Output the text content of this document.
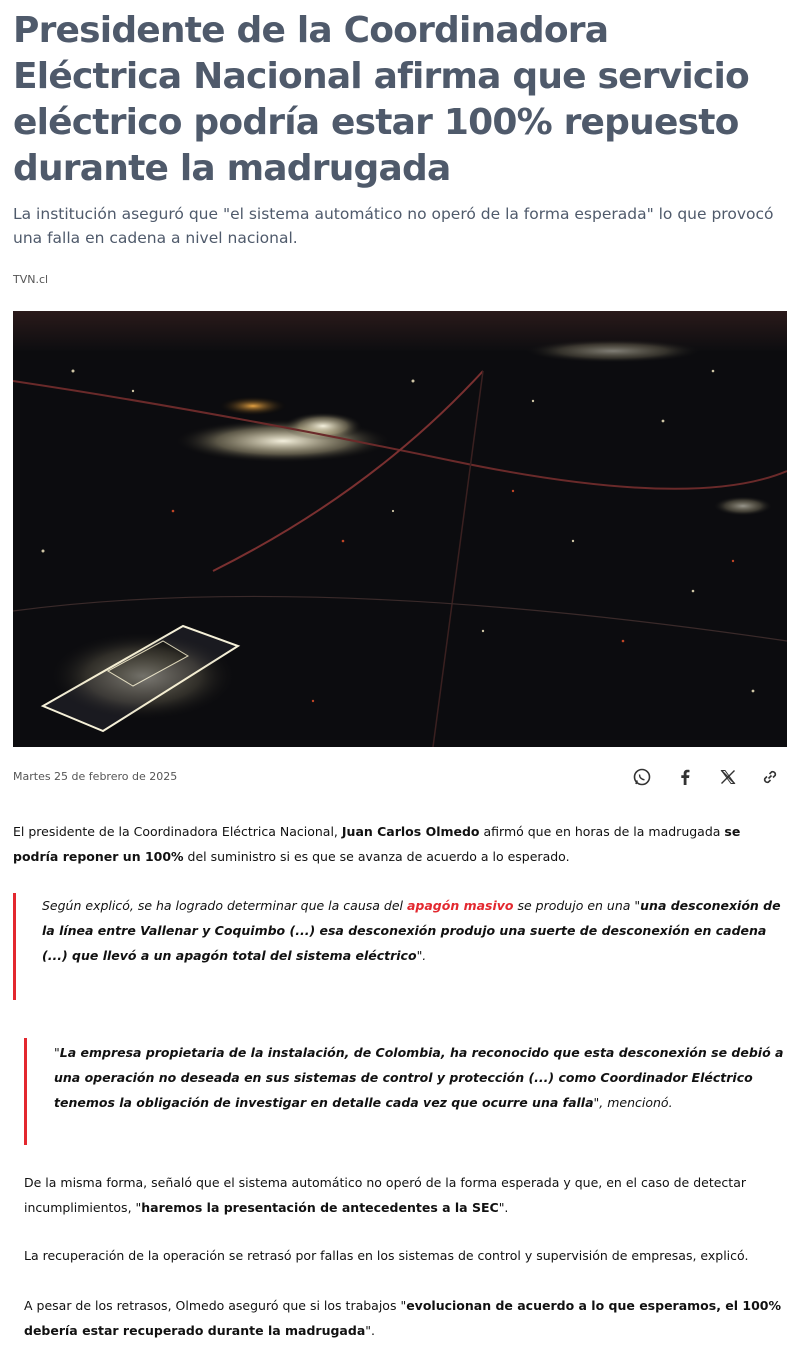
Presidente de la Coordinadora Eléctrica Nacional afirma que servicio eléctrico podría estar 100% repuesto durante la madrugada

La institución aseguró que "el sistema automático no operó de la forma esperada" lo que provocó una falla en cadena a nivel nacional.

TVN.cl
Martes 25 de febrero de 2025

El presidente de la Coordinadora Eléctrica Nacional, Juan Carlos Olmedo afirmó que en horas de la madrugada se podría reponer un 100% del suministro si es que se avanza de acuerdo a lo esperado.

Según explicó, se ha logrado determinar que la causa del apagón masivo se produjo en una "una desconexión de la línea entre Vallenar y Coquimbo (...) esa desconexión produjo una suerte de desconexión en cadena (...) que llevó a un apagón total del sistema eléctrico".

"La empresa propietaria de la instalación, de Colombia, ha reconocido que esta desconexión se debió a una operación no deseada en sus sistemas de control y protección (...) como Coordinador Eléctrico tenemos la obligación de investigar en detalle cada vez que ocurre una falla", mencionó.

De la misma forma, señaló que el sistema automático no operó de la forma esperada y que, en el caso de detectar incumplimientos, "haremos la presentación de antecedentes a la SEC".

La recuperación de la operación se retrasó por fallas en los sistemas de control y supervisión de empresas, explicó.

A pesar de los retrasos, Olmedo aseguró que si los trabajos "evolucionan de acuerdo a lo que esperamos, el 100% debería estar recuperado durante la madrugada".
